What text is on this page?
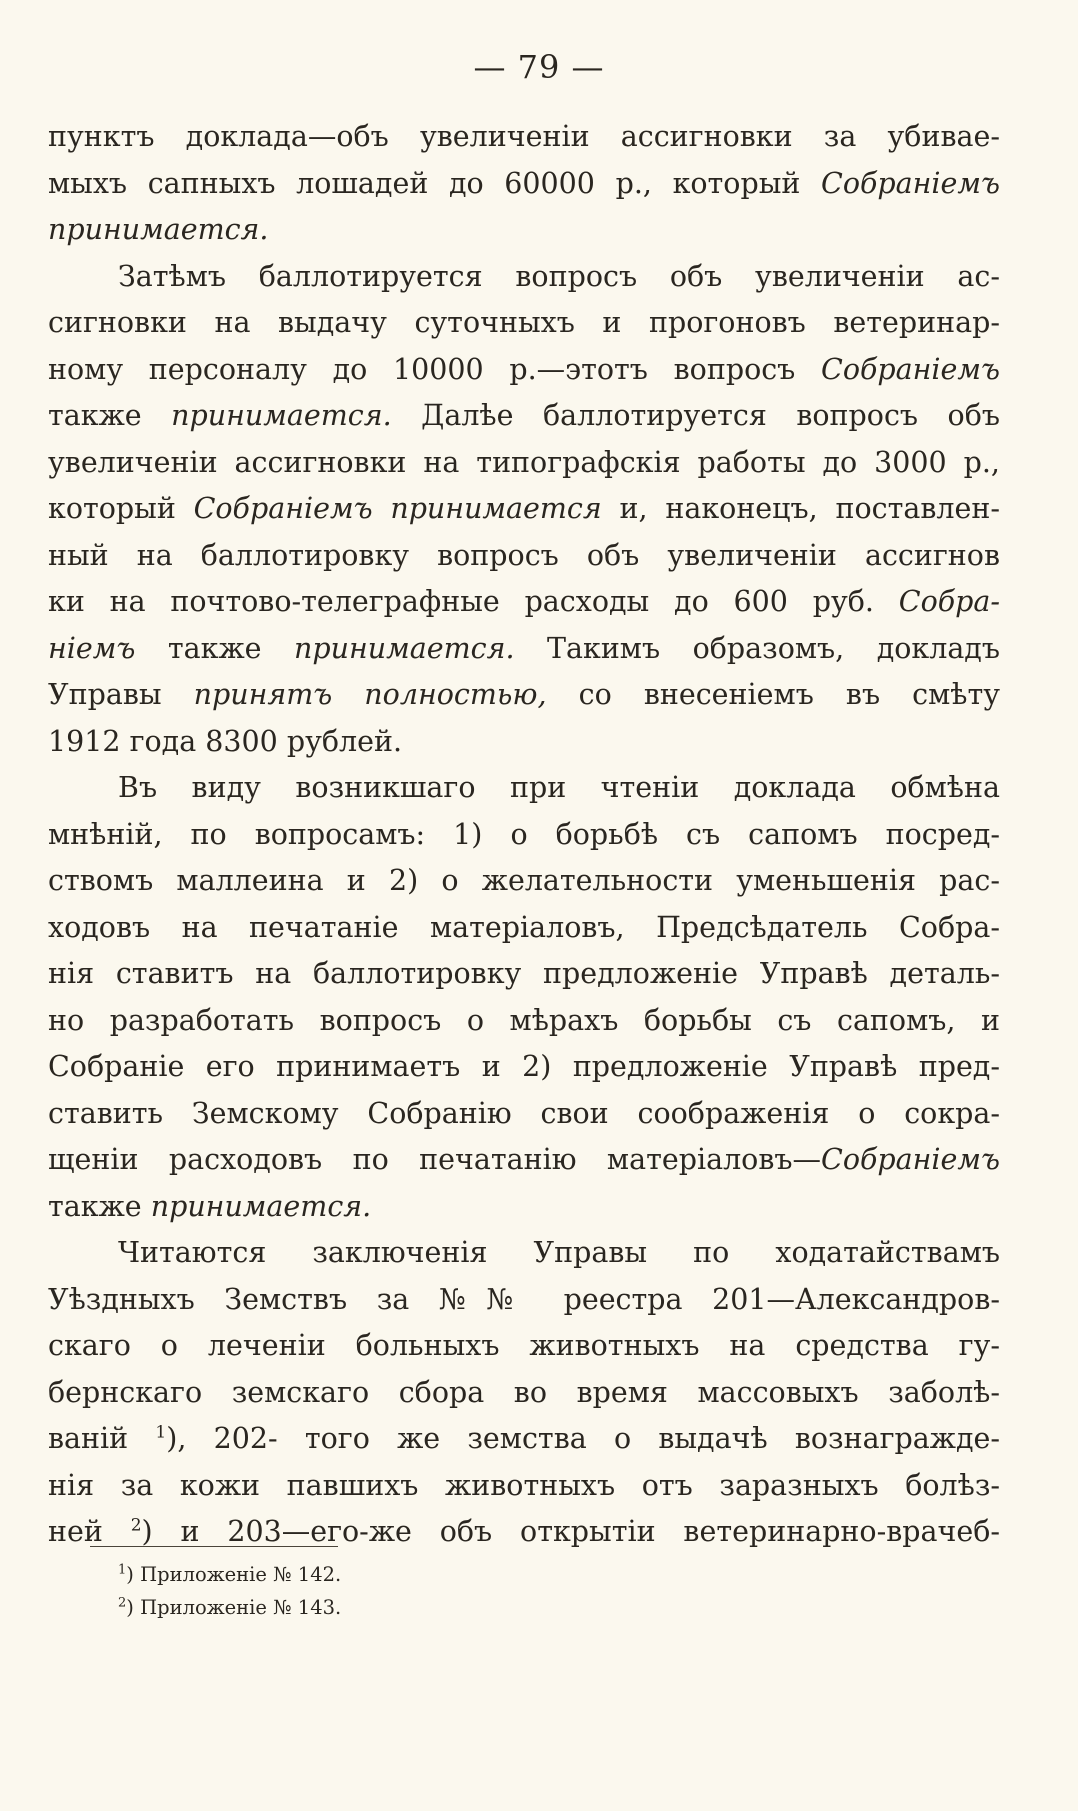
— 79 —
пунктъ доклада—объ увеличенiи ассигновки за убивае-
мыхъ сапныхъ лошадей до 60000 р., который Собранiемъ
принимается.
Затѣмъ баллотируется вопросъ объ увеличенiи ас-
сигновки на выдачу суточныхъ и прогоновъ ветеринар-
ному персоналу до 10000 р.—этотъ вопросъ Собранiемъ
также принимается. Далѣе баллотируется вопросъ объ
увеличенiи ассигновки на типографскiя работы до 3000 р.,
который Собранiемъ принимается и, наконецъ, поставлен-
ный на баллотировку вопросъ объ увеличенiи ассигнов
ки на почтово-телеграфные расходы до 600 руб. Собра-
нiемъ также принимается. Такимъ образомъ, докладъ
Управы принятъ полностью, со внесенiемъ въ смѣту
1912 года 8300 рублей.
Въ виду возникшаго при чтенiи доклада обмѣна
мнѣнiй, по вопросамъ: 1) о борьбѣ съ сапомъ посред-
ствомъ маллеина и 2) о желательности уменьшенiя рас-
ходовъ на печатанiе матерiаловъ, Предсѣдатель Собра-
нiя ставитъ на баллотировку предложенiе Управѣ деталь-
но разработать вопросъ о мѣрахъ борьбы съ сапомъ, и
Собранiе его принимаетъ и 2) предложенiе Управѣ пред-
ставить Земскому Собранiю свои соображенiя о сокра-
щенiи расходовъ по печатанiю матерiаловъ—Собранiемъ
также принимается.
Читаются заключенiя Управы по ходатайствамъ
Уѣздныхъ Земствъ за №№ реестра 201—Александров-
скаго о леченiи больныхъ животныхъ на средства гу-
бернскаго земскаго сбора во время массовыхъ заболѣ-
ванiй $^1$), 202- того же земства о выдачѣ вознагражде-
нiя за кожи павшихъ животныхъ отъ заразныхъ болѣз-
ней $^2$) и 203—его-же объ открытiи ветеринарно-врачеб-
$^1$) Приложенiе № 142.
$^2$) Приложенiе № 143.
